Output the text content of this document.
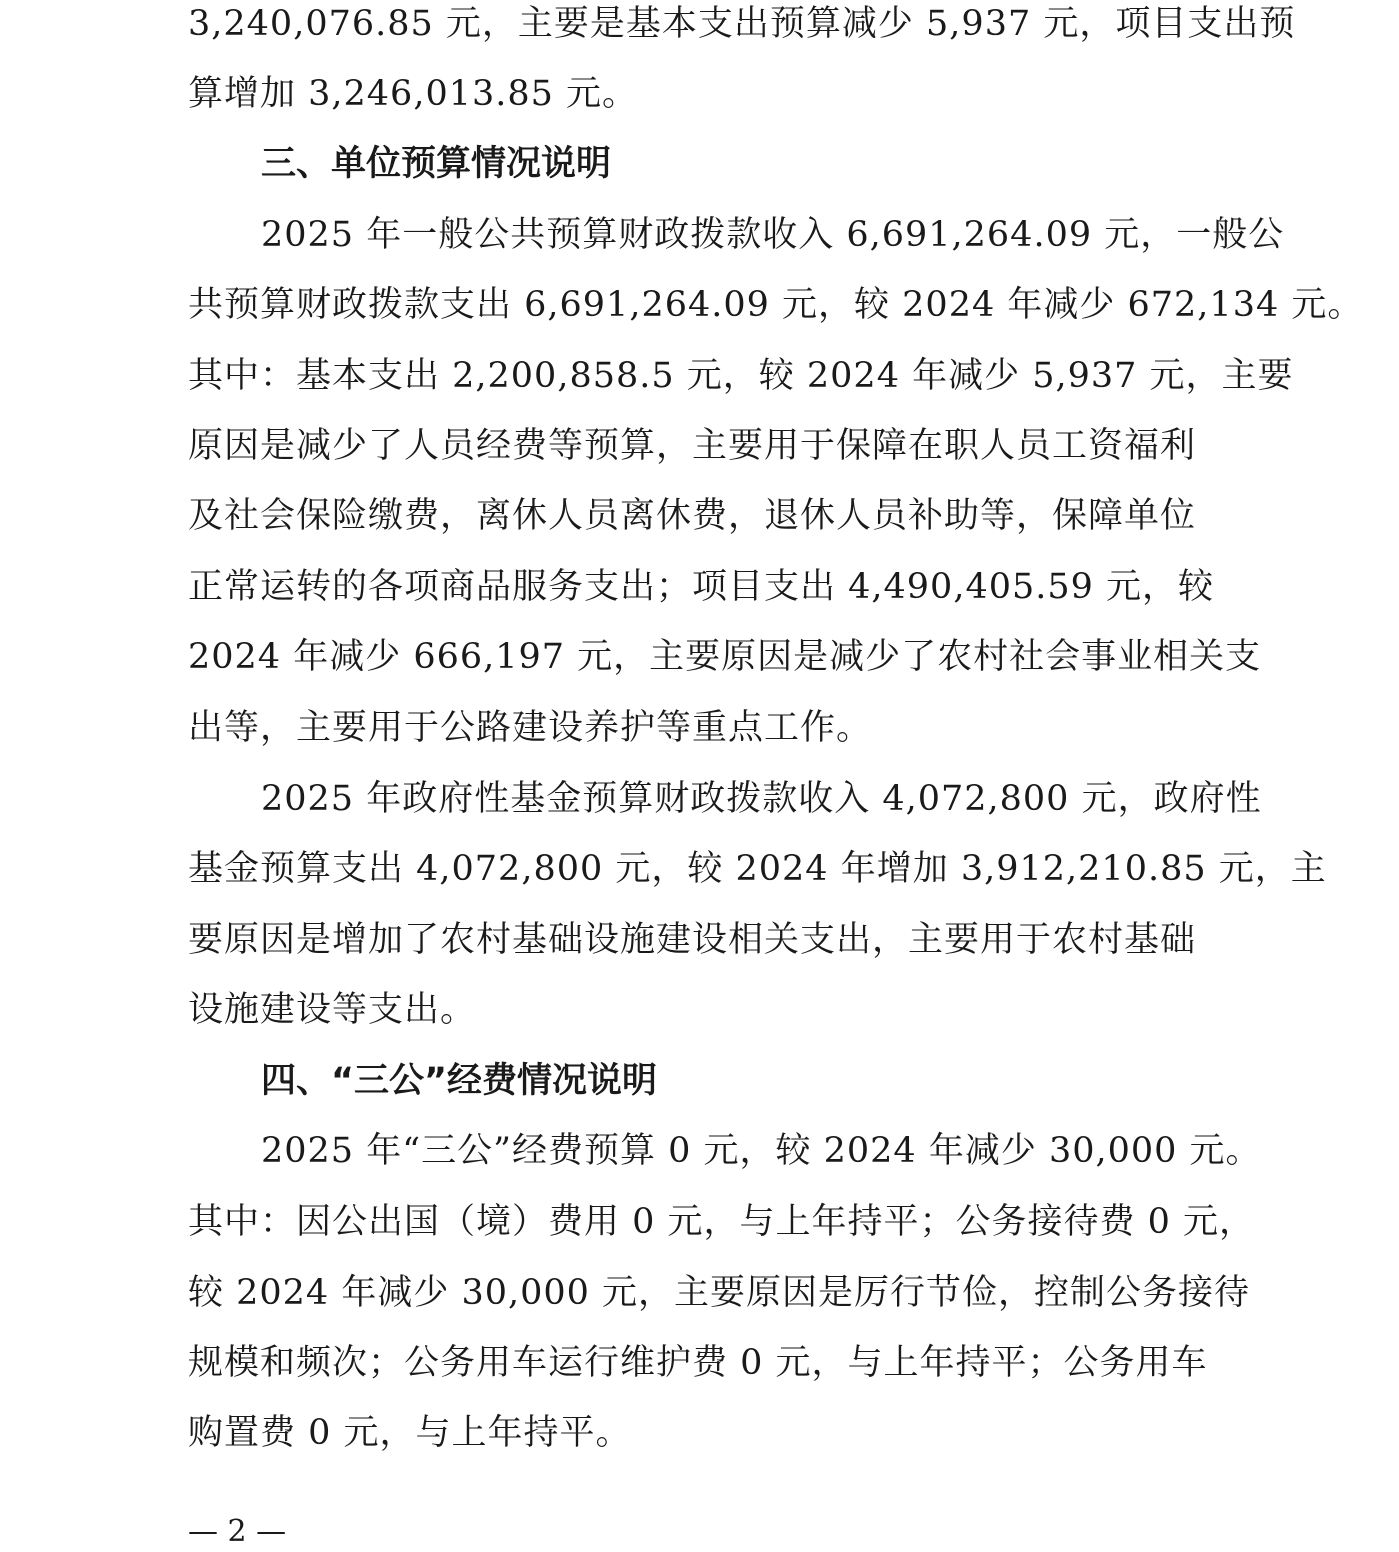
3,240,076.85 元，主要是基本支出预算减少 5,937 元，项目支出预
算增加 3,246,013.85 元。
三、单位预算情况说明
2025 年一般公共预算财政拨款收入 6,691,264.09 元，一般公
共预算财政拨款支出 6,691,264.09 元，较 2024 年减少 672,134 元。
其中：基本支出 2,200,858.5 元，较 2024 年减少 5,937 元，主要
原因是减少了人员经费等预算，主要用于保障在职人员工资福利
及社会保险缴费，离休人员离休费，退休人员补助等，保障单位
正常运转的各项商品服务支出；项目支出 4,490,405.59 元，较
2024 年减少 666,197 元，主要原因是减少了农村社会事业相关支
出等，主要用于公路建设养护等重点工作。
2025 年政府性基金预算财政拨款收入 4,072,800 元，政府性
基金预算支出 4,072,800 元，较 2024 年增加 3,912,210.85 元，主
要原因是增加了农村基础设施建设相关支出，主要用于农村基础
设施建设等支出。
四、“三公”经费情况说明
2025 年“三公”经费预算 0 元，较 2024 年减少 30,000 元。
其中：因公出国（境）费用 0 元，与上年持平；公务接待费 0 元，
较 2024 年减少 30,000 元，主要原因是厉行节俭，控制公务接待
规模和频次；公务用车运行维护费 0 元，与上年持平；公务用车
购置费 0 元，与上年持平。
— 2 —
